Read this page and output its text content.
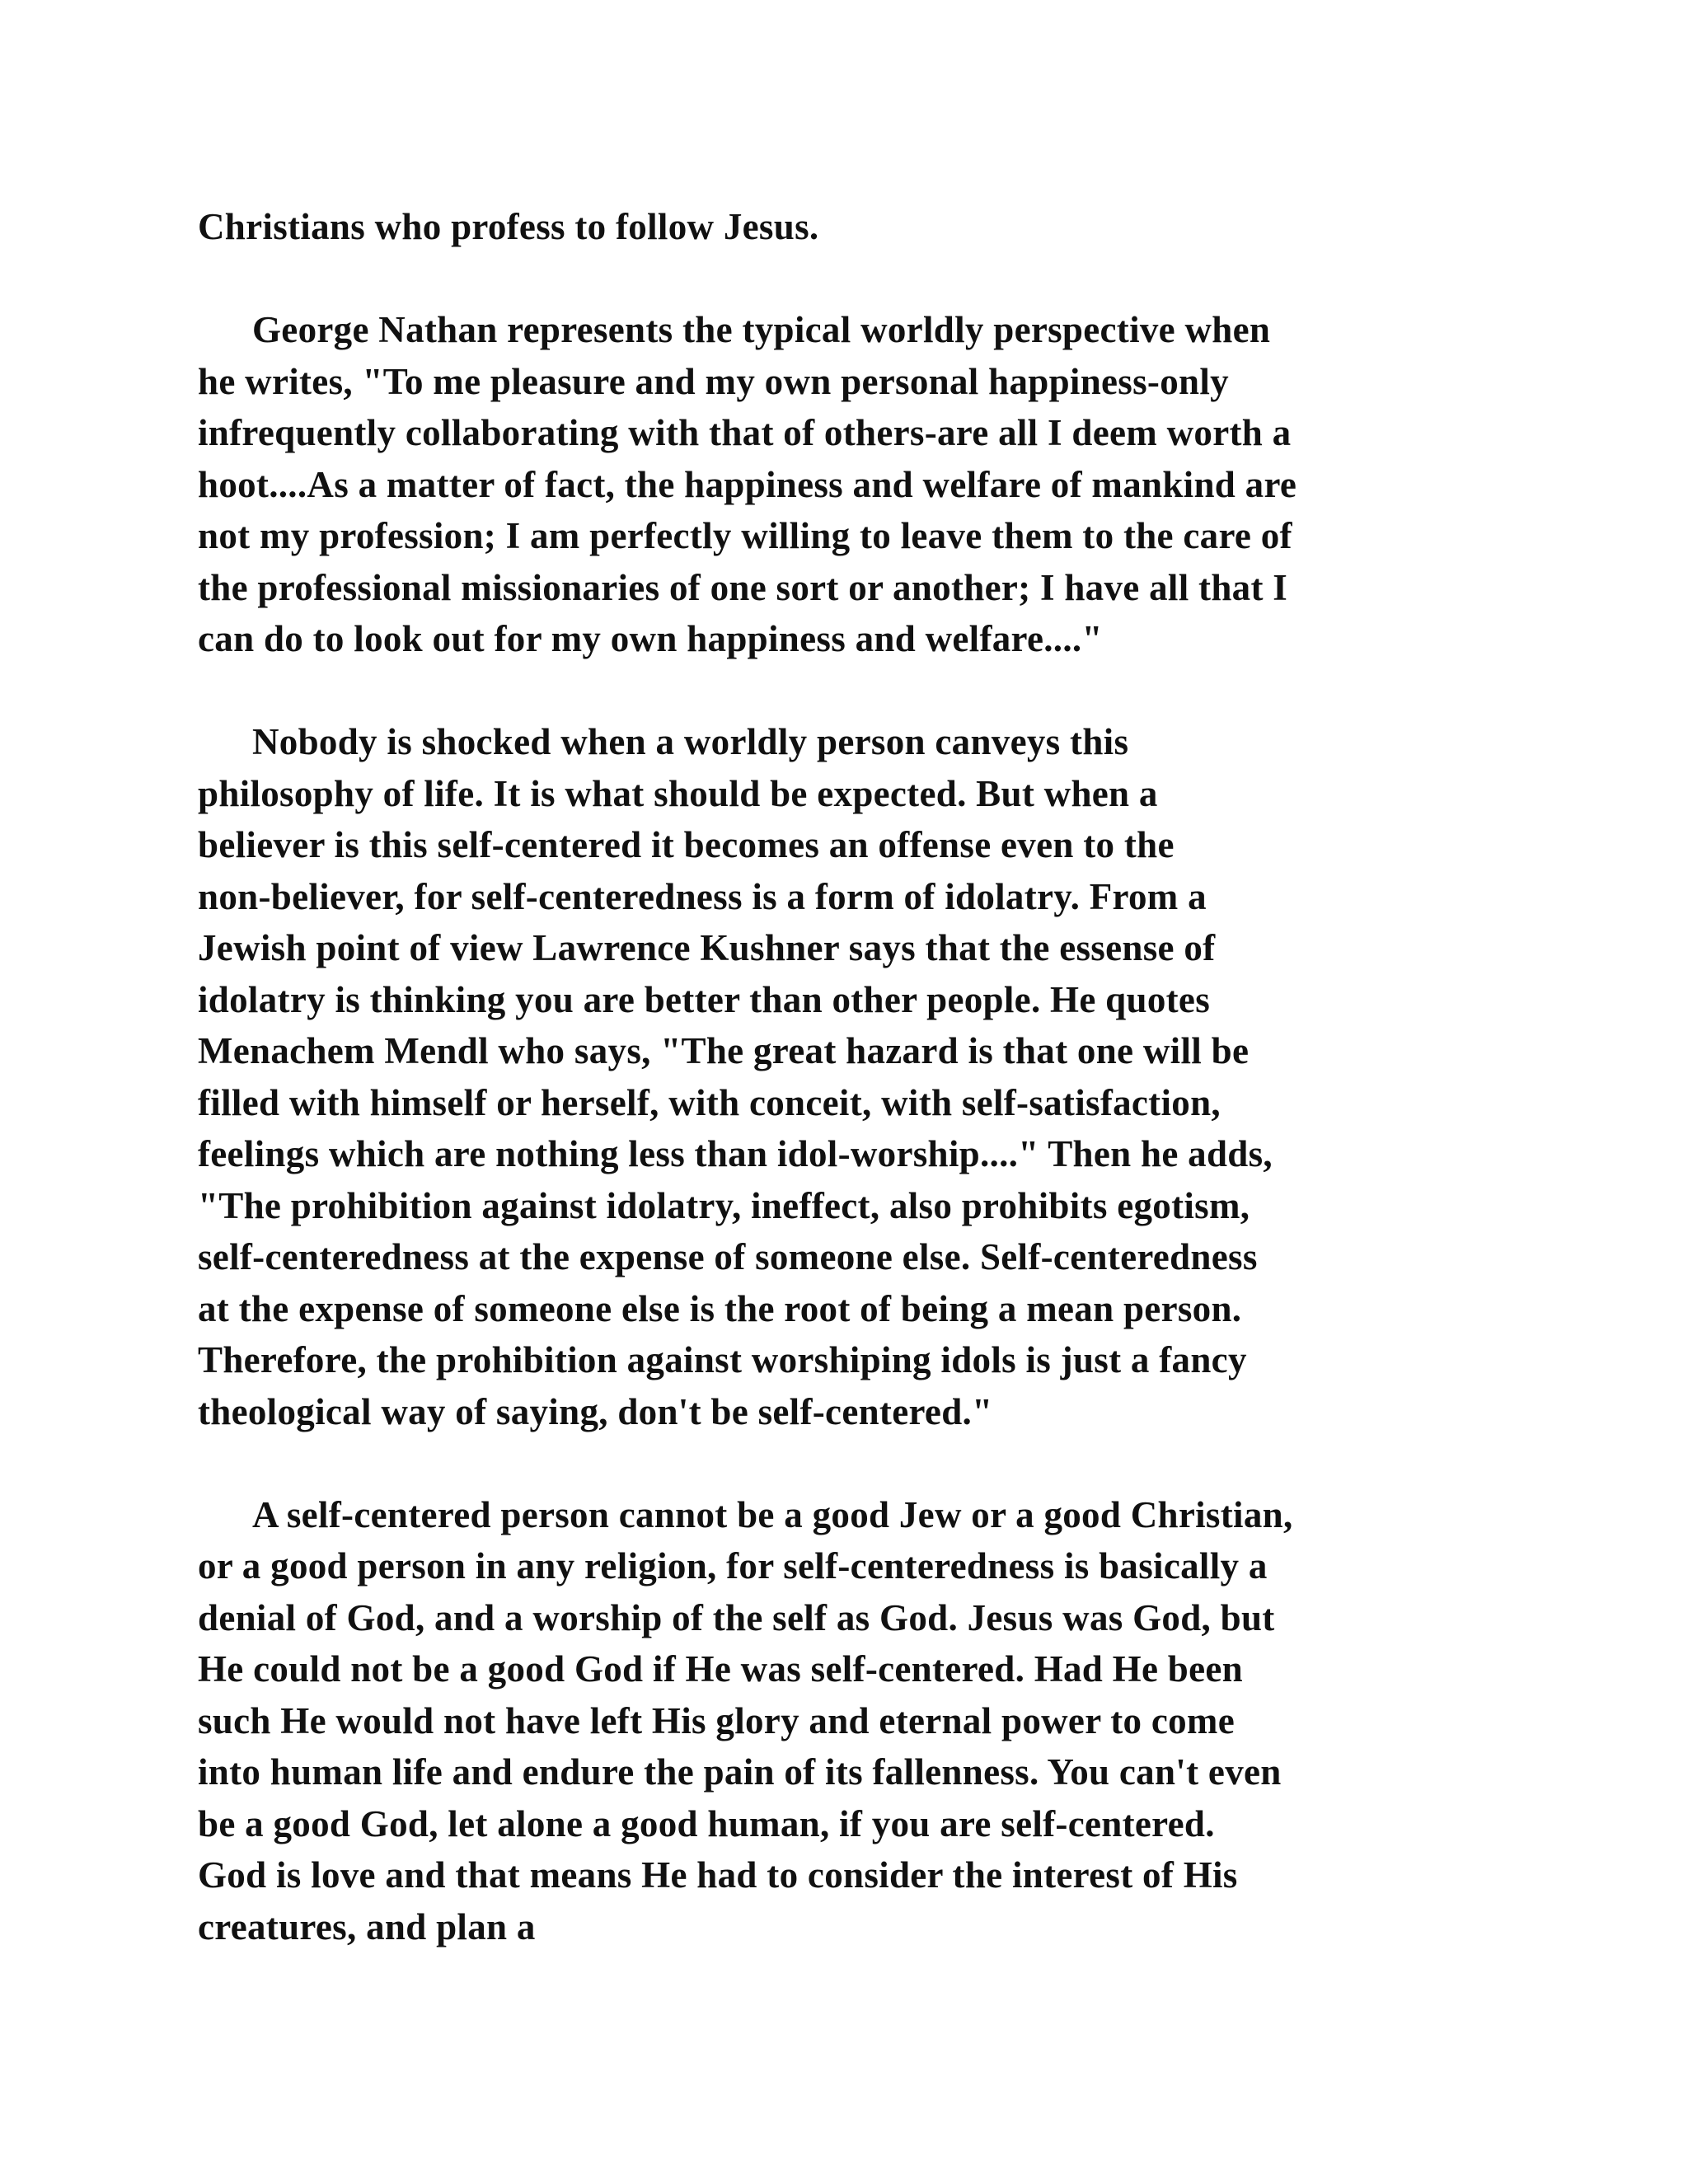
Christians who profess to follow Jesus.
George Nathan represents the typical worldly perspective when
he writes, "To me pleasure and my own personal happiness-only
infrequently collaborating with that of others-are all I deem worth a
hoot....As a matter of fact, the happiness and welfare of mankind are
not my profession; I am perfectly willing to leave them to the care of
the professional missionaries of one sort or another; I have all that I
can do to look out for my own happiness and welfare...."
Nobody is shocked when a worldly person canveys this
philosophy of life. It is what should be expected. But when a
believer is this self-centered it becomes an offense even to the
non-believer, for self-centeredness is a form of idolatry. From a
Jewish point of view Lawrence Kushner says that the essense of
idolatry is thinking you are better than other people. He quotes
Menachem Mendl who says, "The great hazard is that one will be
filled with himself or herself, with conceit, with self-satisfaction,
feelings which are nothing less than idol-worship...." Then he adds,
"The prohibition against idolatry, ineffect, also prohibits egotism,
self-centeredness at the expense of someone else. Self-centeredness
at the expense of someone else is the root of being a mean person.
Therefore, the prohibition against worshiping idols is just a fancy
theological way of saying, don't be self-centered."
A self-centered person cannot be a good Jew or a good Christian,
or a good person in any religion, for self-centeredness is basically a
denial of God, and a worship of the self as God. Jesus was God, but
He could not be a good God if He was self-centered. Had He been
such He would not have left His glory and eternal power to come
into human life and endure the pain of its fallenness. You can't even
be a good God, let alone a good human, if you are self-centered.
God is love and that means He had to consider the interest of His
creatures, and plan a
